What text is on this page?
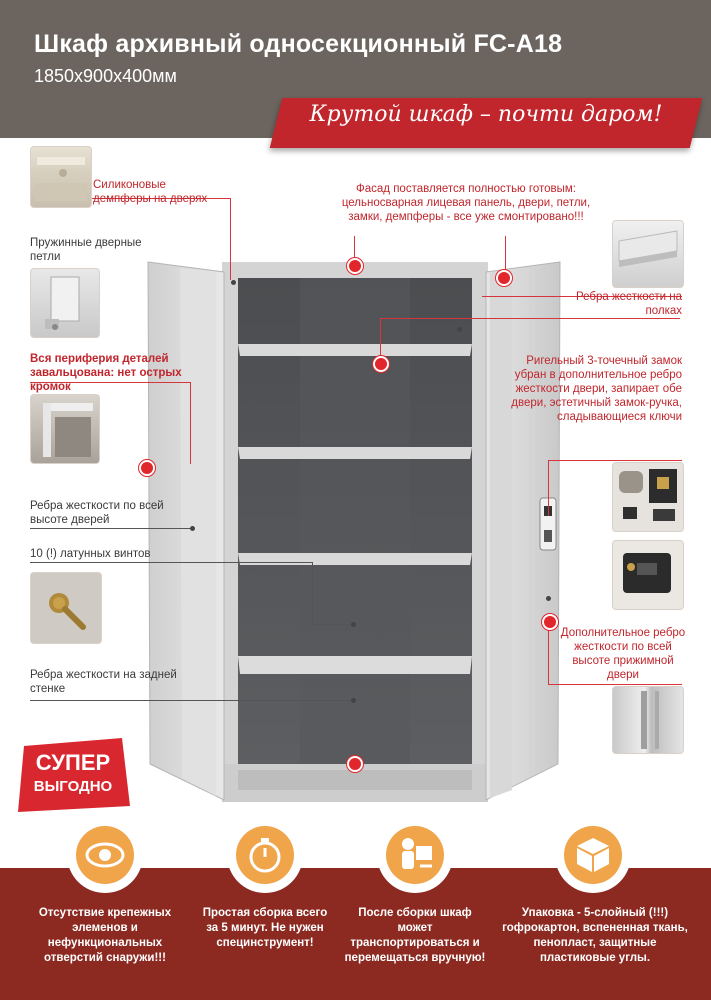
Шкаф архивный односекционный FC-A18
1850х900х400мм
Крутой шкаф – почти даром!
Силиконовые демпферы на дверях
Пружинные дверные петли
Вся периферия деталей завальцована: нет острых кромок
Ребра жесткости по всей высоте дверей
10 (!) латунных винтов
Ребра жесткости на задней стенке
Фасад поставляется полностью готовым: цельносварная лицевая панель, двери, петли, замки, демпферы - все уже смонтировано!!!
Ребра жесткости на полках
Ригельный 3-точечный замок убран в дополнительное ребро жесткости двери, запирает обе двери, эстетичный замок-ручка, сладывающиеся ключи
Дополнительное ребро жесткости по всей высоте прижимной двери
СУПЕР
ВЫГОДНО
Отсутствие крепежных элеменов и нефункциональных отверстий снаружи!!!
Простая сборка всего за 5 минут. Не нужен специнструмент!
После сборки шкаф может транспортироваться и перемещаться вручную!
Упаковка - 5-слойный (!!!) гофрокартон, вспененная ткань, пенопласт, защитные пластиковые углы.
